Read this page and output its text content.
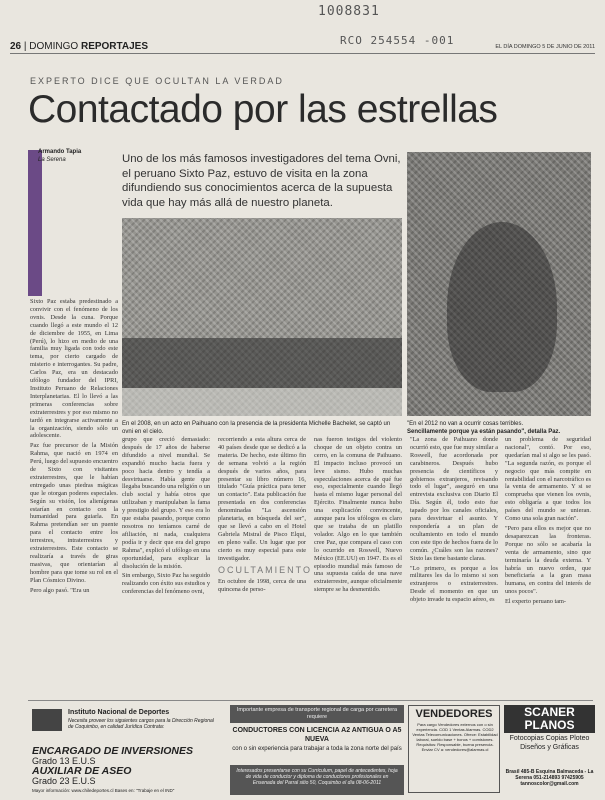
1008831
RCO 254554 -001
26 | DOMINGO REPORTAJES	EL DÍA DOMINGO 5 DE JUNIO DE 2011
EXPERTO DICE QUE OCULTAN LA VERDAD
Contactado por las estrellas
Armando Tapia
La Serena	Uno de los más famosos investigadores del tema Ovni, el peruano Sixto Paz, estuvo de visita en la zona difundiendo sus conocimientos acerca de la supuesta vida que hay más allá de nuestro planeta.
En el 2008, en un acto en Paihuano con la presencia de la presidenta Michelle Bachelet, se captó un ovni en el cielo.
"En el 2012 no van a ocurrir cosas terribles.
Sencillamente porque ya están pasando", detalla Paz.

Sixto Paz estaba predestinado a convivir con el fenómeno de los ovnis. Desde la cuna. Porque cuando llegó a este mundo el 12 de diciembre de 1955, en Lima (Perú), lo hizo en medio de una familia muy ligada con todo este tema, por cierto cargado de misterio e interrogantes. Su padre, Carlos Paz, era un destacado ufólogo fundador del IPRI, Instituto Peruano de Relaciones Interplanetarias. El lo llevó a las primeras conferencias sobre extraterrestres y por eso mismo no tardó en integrarse activamente a la organización, siendo sólo un adolescente.

Paz fue precursor de la Misión Rahma, que nació en 1974 en Perú, luego del supuesto encuentro de Sixto con visitantes extraterrestres, que le habían entregado unas piedras mágicas que le otorgan poderes especiales. Según su visión, los alienígenas estarían en contacto con la humanidad para guiarla. En Rahma pretendían ser un puente para el contacto entre los terrestres, intraterrestres y extraterrestres. Este contacto se realizaría a través de giras masivas, que orientarían al hombre para que tome su rol en el Plan Cósmico Divino.

Pero algo pasó. "Era un

grupo que creció demasiado: después de 17 años de haberse difundido a nivel mundial. Se expandió mucho hacia fuera y poco hacia dentro y tendía a desvirtuarse. Había gente que llegaba buscando una religión o un club social y había otros que utilizaban y manipulaban la fama y prestigio del grupo. Y eso era lo que estaba pasando, porque como nosotros no teníamos carné de afiliación, ni nada, cualquiera podía ir y decir que era del grupo Rahma", explicó el ufólogo en una oportunidad, para explicar la disolución de la misión.

Sin embargo, Sixto Paz ha seguido realizando con éxito sus estudios y conferencias del fenómeno ovni,

recorriendo a esta altura cerca de 40 países desde que se dedicó a la materia. De hecho, este último fin de semana volvió a la región después de varios años, para presentar su libro número 16, titulado "Guía práctica para tener un contacto". Esta publicación fue presentada en dos conferencias denominadas "La ascensión planetaria, en búsqueda del ser", que se llevó a cabo en el Hotel Gabriela Mistral de Pisco Elqui, en pleno valle. Un lugar que por cierto es muy especial para este investigador.

OCULTAMIENTO

En octubre de 1998, cerca de una quincena de perso-

nas fueron testigos del violento choque de un objeto contra un cerro, en la comuna de Paihuano. El impacto incluso provocó un leve sismo. Hubo muchas especulaciones acerca de qué fue eso, especialmente cuando llegó hasta el mismo lugar personal del Ejército. Finalmente nunca hubo una explicación convincente, aunque para los ufólogos es claro que se trataba de un platillo volador. Algo en lo que también cree Paz, que compara el caso con lo ocurrido en Roswell, Nuevo México (EE.UU) en 1947. Es es el episodio mundial más famoso de una supuesta caída de una nave extraterrestre, aunque oficialmente siempre se ha desmentido.

"La zona de Paihuano donde ocurrió esto, que fue muy similar a Roswell, fue acordonada por carabineros. Después hubo presencia de científicos y gobiernos extranjeros, revisando todo el lugar", aseguró en una entrevista exclusiva con Diario El Día. Según él, todo esto fue tapado por los canales oficiales, para desvirtuar el asunto. Y respondería a un plan de ocultamiento en todo el mundo con este tipo de hechos fuera de lo común. ¿Cuáles son las razones? Sixto las tiene bastante claras.

"Lo primero, es porque a los militares les da lo mismo si son extranjeros o extraterrestres. Desde el momento en que un objeto invade tu espacio aéreo, es

un problema de seguridad nacional", contó. Por eso, quedarían mal si algo se les pasó. "La segunda razón, es porque el negocio que más compite en rentabilidad con el narcotráfico es la venta de armamento. Y si se comprueba que vienen los ovnis, esto obligaría a que todos los países del mundo se unieran. Como una sola gran nación".

"Pero para ellos es mejor que no desaparezcan las fronteras. Porque no sólo se acabaría la venta de armamento, sino que terminaría la deuda externa. Y habría un nuevo orden, que beneficiaría a la gran masa humana, en contra del interés de unos pocos".

El experto peruano tam-

Instituto Nacional de Deportes
Necesita proveer los siguientes cargos para la Dirección Regional de Coquimbo, en calidad Jurídica Contrata:
ENCARGADO DE INVERSIONES
Grado 13 E.U.S
AUXILIAR DE ASEO
Grado 23 E.U.S
Mayor información: www.chiledeportes.cl Bases en: "Trabaje en el IND"
Importante empresa de transporte regional de carga por carretera requiere
CONDUCTORES CON LICENCIA A2 ANTIGUA O A5 NUEVA
con o sin experiencia para trabajar a toda la zona norte del país
Interesados presentarse con su Curriculum, papel de antecedentes, hoja de vida de conductor y diploma de conductores profesionales en Ensenada del Parral sitio 50, Coquimbo el día 08-06-2011
VENDEDORES
Para cargo Vendedores externos con o sin experiencia. COD 1 Ventas Alarmas. COD2 Ventas Telecomunicaciones. Ofrece: Estabilidad laboral, sueldo base + bonos + comisiones. Requisitos: Responsable, buena presencia. Enviar CV a: vendedores@alarmas.cl
SCANER PLANOS
Fotocopias Copias Ploteo Diseños y Gráficas
Brasil 485-B Esquina Balmaceda - La Serena 051-214893 97425905 tannoscolor@gmail.com
